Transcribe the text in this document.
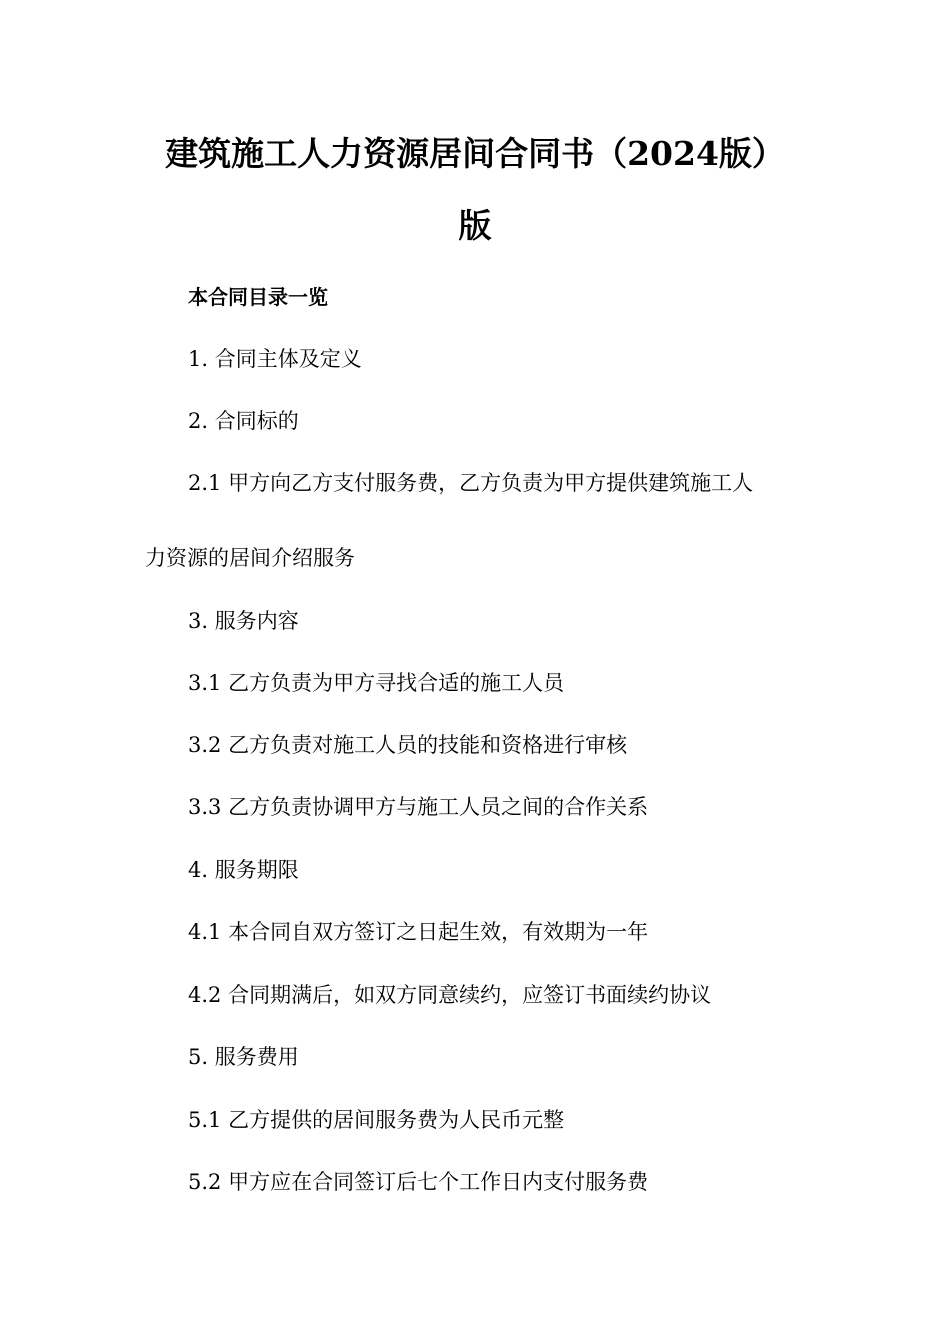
建筑施工人力资源居间合同书（2024版）
版
本合同目录一览
1. 合同主体及定义
2. 合同标的
2.1 甲方向乙方支付服务费，乙方负责为甲方提供建筑施工人
力资源的居间介绍服务
3. 服务内容
3.1 乙方负责为甲方寻找合适的施工人员
3.2 乙方负责对施工人员的技能和资格进行审核
3.3 乙方负责协调甲方与施工人员之间的合作关系
4. 服务期限
4.1 本合同自双方签订之日起生效，有效期为一年
4.2 合同期满后，如双方同意续约，应签订书面续约协议
5. 服务费用
5.1 乙方提供的居间服务费为人民币元整
5.2 甲方应在合同签订后七个工作日内支付服务费
